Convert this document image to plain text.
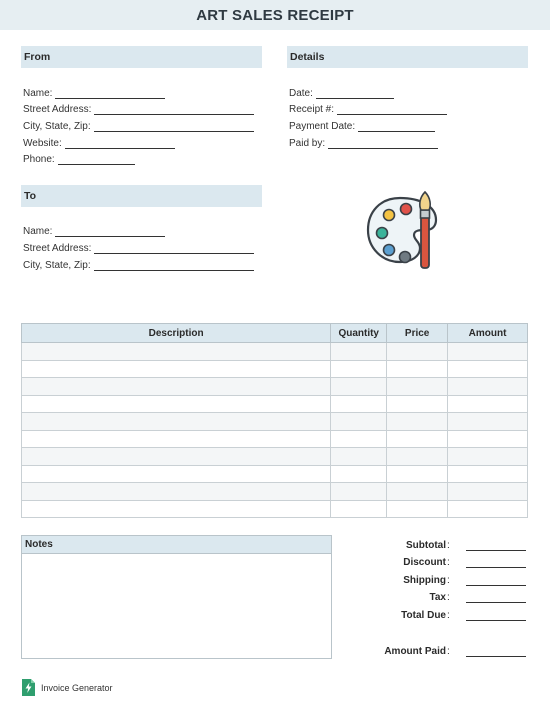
ART SALES RECEIPT
From
Name:
Street Address:
City, State, Zip:
Website:
Phone:
Details
Date:
Receipt #:
Payment Date:
Paid by:
To
Name:
Street Address:
City, State, Zip:
Description	Quantity	Price	Amount

Notes	Subtotal :
Discount :
Shipping :
Tax :
Total Due :
Amount Paid :
Invoice Generator
